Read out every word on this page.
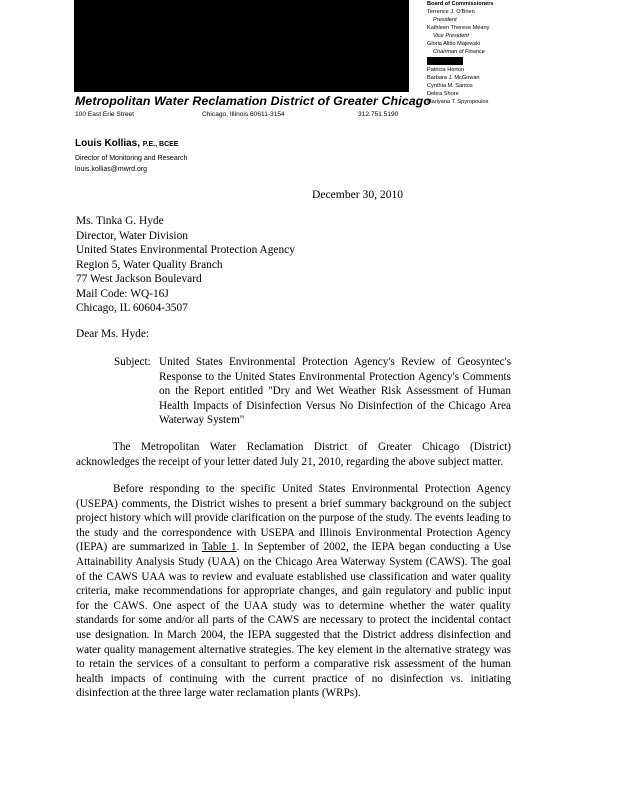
Board of Commissioners
Terrence J. O'Brien
President
Kathleen Therese Meany
Vice President
Gloria Alitto Majewski
Chairman of Finance
Patricia Horton
Barbara J. McGowan
Cynthia M. Santos
Debra Shore
Mariyana T. Spyropoulos
Metropolitan Water Reclamation District of Greater Chicago
100 East Erie Street	Chicago, Illinois 60611-3154	312.751.5190
Louis Kollias, P.E., BCEE
Director of Monitoring and Research
louis.kollias@mwrd.org
December 30, 2010
Ms. Tinka G. Hyde
Director, Water Division
United States Environmental Protection Agency
Region 5, Water Quality Branch
77 West Jackson Boulevard
Mail Code: WQ-16J
Chicago, IL 60604-3507
Dear Ms. Hyde:
Subject: United States Environmental Protection Agency's Review of Geosyntec's Response to the United States Environmental Protection Agency's Comments on the Report entitled "Dry and Wet Weather Risk Assessment of Human Health Impacts of Disinfection Versus No Disinfection of the Chicago Area Waterway System"
The Metropolitan Water Reclamation District of Greater Chicago (District) acknowledges the receipt of your letter dated July 21, 2010, regarding the above subject matter.
Before responding to the specific United States Environmental Protection Agency (USEPA) comments, the District wishes to present a brief summary background on the subject project history which will provide clarification on the purpose of the study. The events leading to the study and the correspondence with USEPA and Illinois Environmental Protection Agency (IEPA) are summarized in Table 1. In September of 2002, the IEPA began conducting a Use Attainability Analysis Study (UAA) on the Chicago Area Waterway System (CAWS). The goal of the CAWS UAA was to review and evaluate established use classification and water quality criteria, make recommendations for appropriate changes, and gain regulatory and public input for the CAWS. One aspect of the UAA study was to determine whether the water quality standards for some and/or all parts of the CAWS are necessary to protect the incidental contact use designation. In March 2004, the IEPA suggested that the District address disinfection and water quality management alternative strategies. The key element in the alternative strategy was to retain the services of a consultant to perform a comparative risk assessment of the human health impacts of continuing with the current practice of no disinfection vs. initiating disinfection at the three large water reclamation plants (WRPs).
